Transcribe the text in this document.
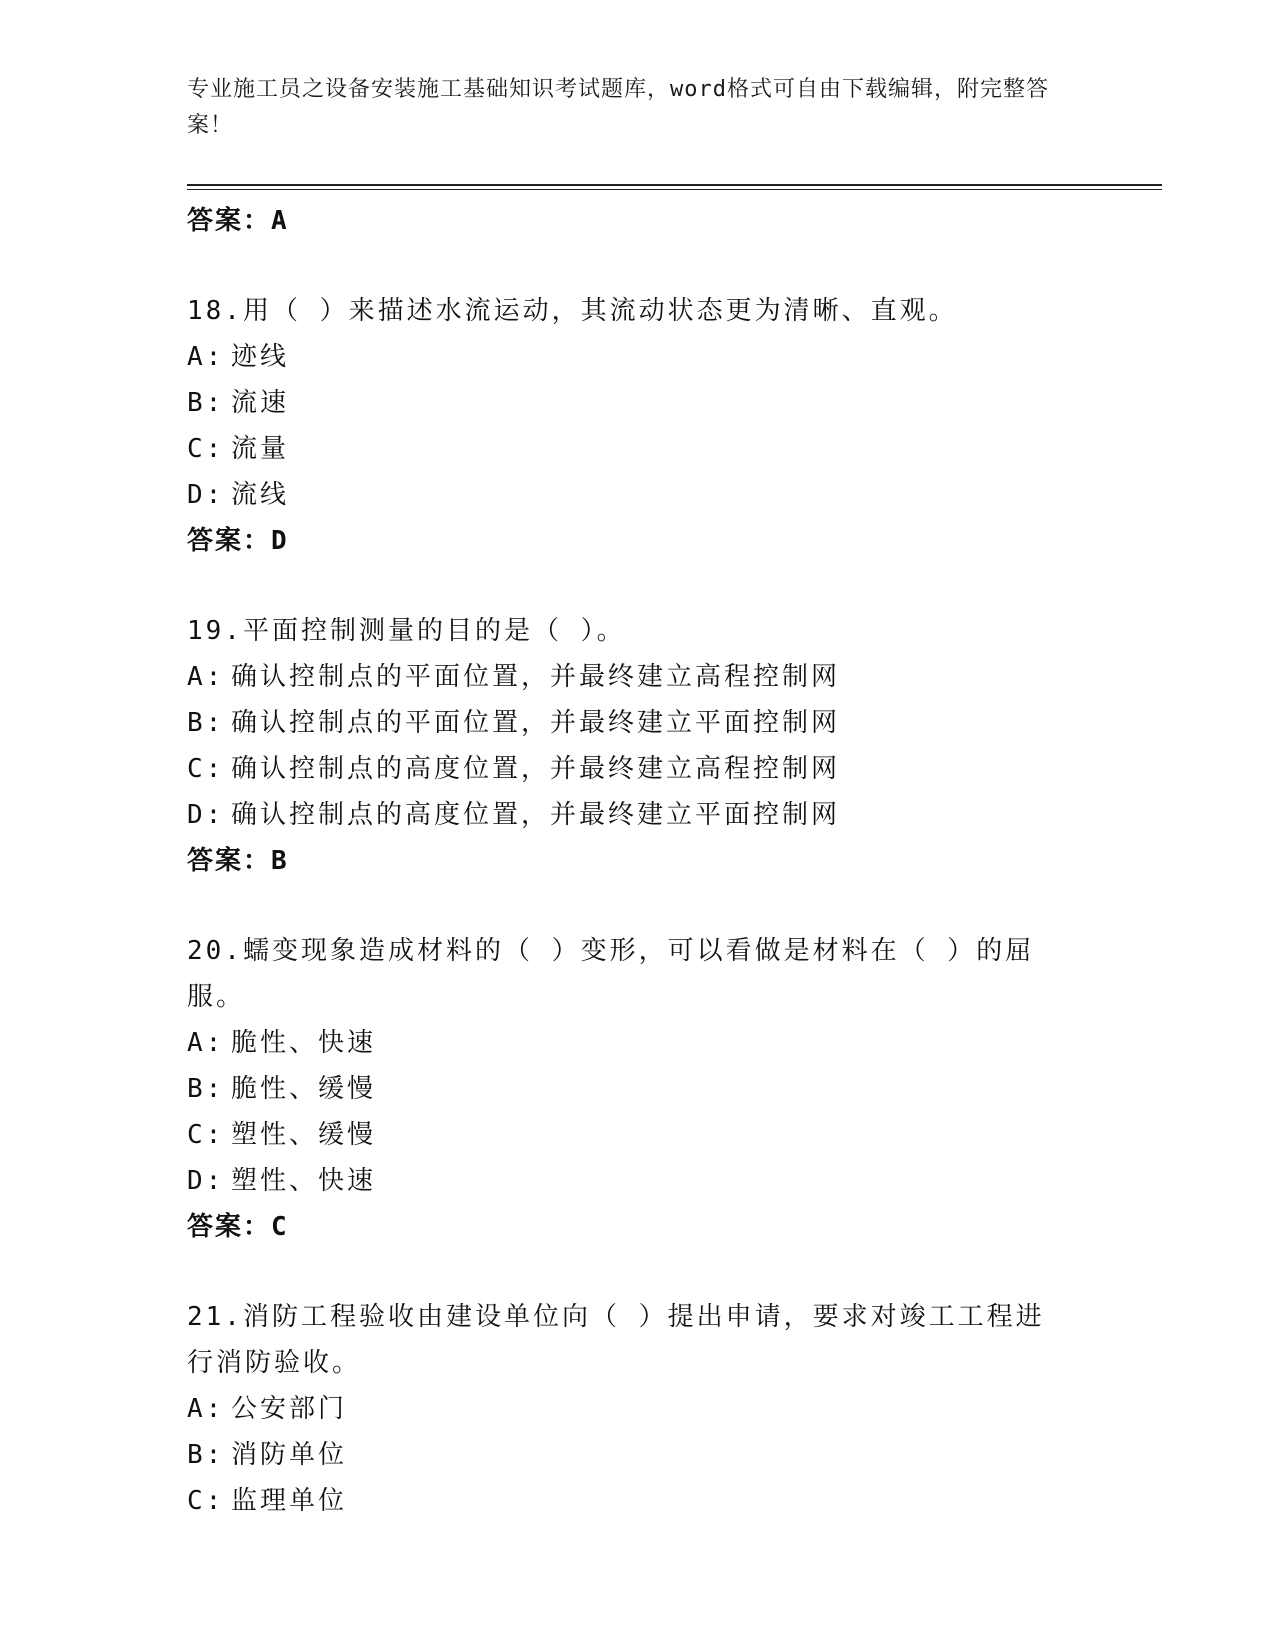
专业施工员之设备安装施工基础知识考试题库，word格式可自由下载编辑，附完整答案！
答案：A
18.用（ ）来描述水流运动，其流动状态更为清晰、直观。
A: 迹线
B: 流速
C: 流量
D: 流线
答案：D
19.平面控制测量的目的是（ ）。
A: 确认控制点的平面位置，并最终建立高程控制网
B: 确认控制点的平面位置，并最终建立平面控制网
C: 确认控制点的高度位置，并最终建立高程控制网
D: 确认控制点的高度位置，并最终建立平面控制网
答案：B
20.蠕变现象造成材料的（ ）变形，可以看做是材料在（ ）的屈服。
A: 脆性、快速
B: 脆性、缓慢
C: 塑性、缓慢
D: 塑性、快速
答案：C
21.消防工程验收由建设单位向（ ）提出申请，要求对竣工工程进行消防验收。
A: 公安部门
B: 消防单位
C: 监理单位
